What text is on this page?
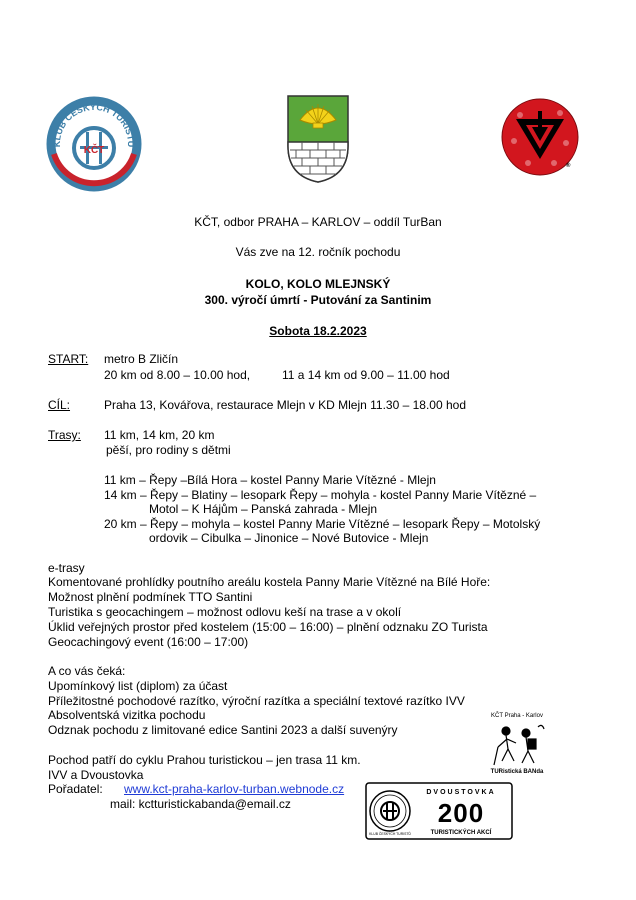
KLUB ČESKÝCH TURISTŮ
KČT
®
KČT, odbor PRAHA – KARLOV – oddíl TurBan
Vás zve na 12. ročník pochodu
KOLO, KOLO MLEJNSKÝ
300. výročí úmrtí - Putování za Santinim
Sobota 18.2.2023
START: metro B Zličín
20 km od 8.00 – 10.00 hod,	11 a 14 km od 9.00 – 11.00 hod
CÍL:	Praha 13, Kovářova, restaurace Mlejn v KD Mlejn 11.30 – 18.00 hod
Trasy: 11 km, 14 km, 20 km
pěší, pro rodiny s dětmi
11 km – Řepy –Bílá Hora – kostel Panny Marie Vítězné - Mlejn
14 km – Řepy – Blatiny – lesopark Řepy – mohyla - kostel Panny Marie Vítězné –
Motol – K Hájům – Panská zahrada - Mlejn
20 km – Řepy – mohyla – kostel Panny Marie Vítězné – lesopark Řepy – Motolský
ordovik – Cibulka – Jinonice – Nové Butovice - Mlejn
e-trasy
Komentované prohlídky poutního areálu kostela Panny Marie Vítězné na Bílé Hoře:
Možnost plnění podmínek TTO Santini
Turistika s geocachingem – možnost odlovu keší na trase a v okolí
Úklid veřejných prostor před kostelem (15:00 – 16:00) – plnění odznaku ZO Turista
Geocachingový event (16:00 – 17:00)
A co vás čeká:
Upomínkový list (diplom) za účast
Příležitostné pochodové razítko, výroční razítka a speciální textové razítko IVV
Absolventská vizitka pochodu
Odznak pochodu z limitované edice Santini 2023 a další suvenýry
Pochod patří do cyklu Prahou turistickou – jen trasa 11 km.
IVV a Dvoustovka
Pořadatel: www.kct-praha-karlov-turban.webnode.cz
mail: kctturistickabanda@email.cz
KČT Praha - Karlov
TURistická BANda
KLUB ČESKÝCH TURISTŮ
DVOUSTOVKA
200
TURISTICKÝCH AKCÍ
